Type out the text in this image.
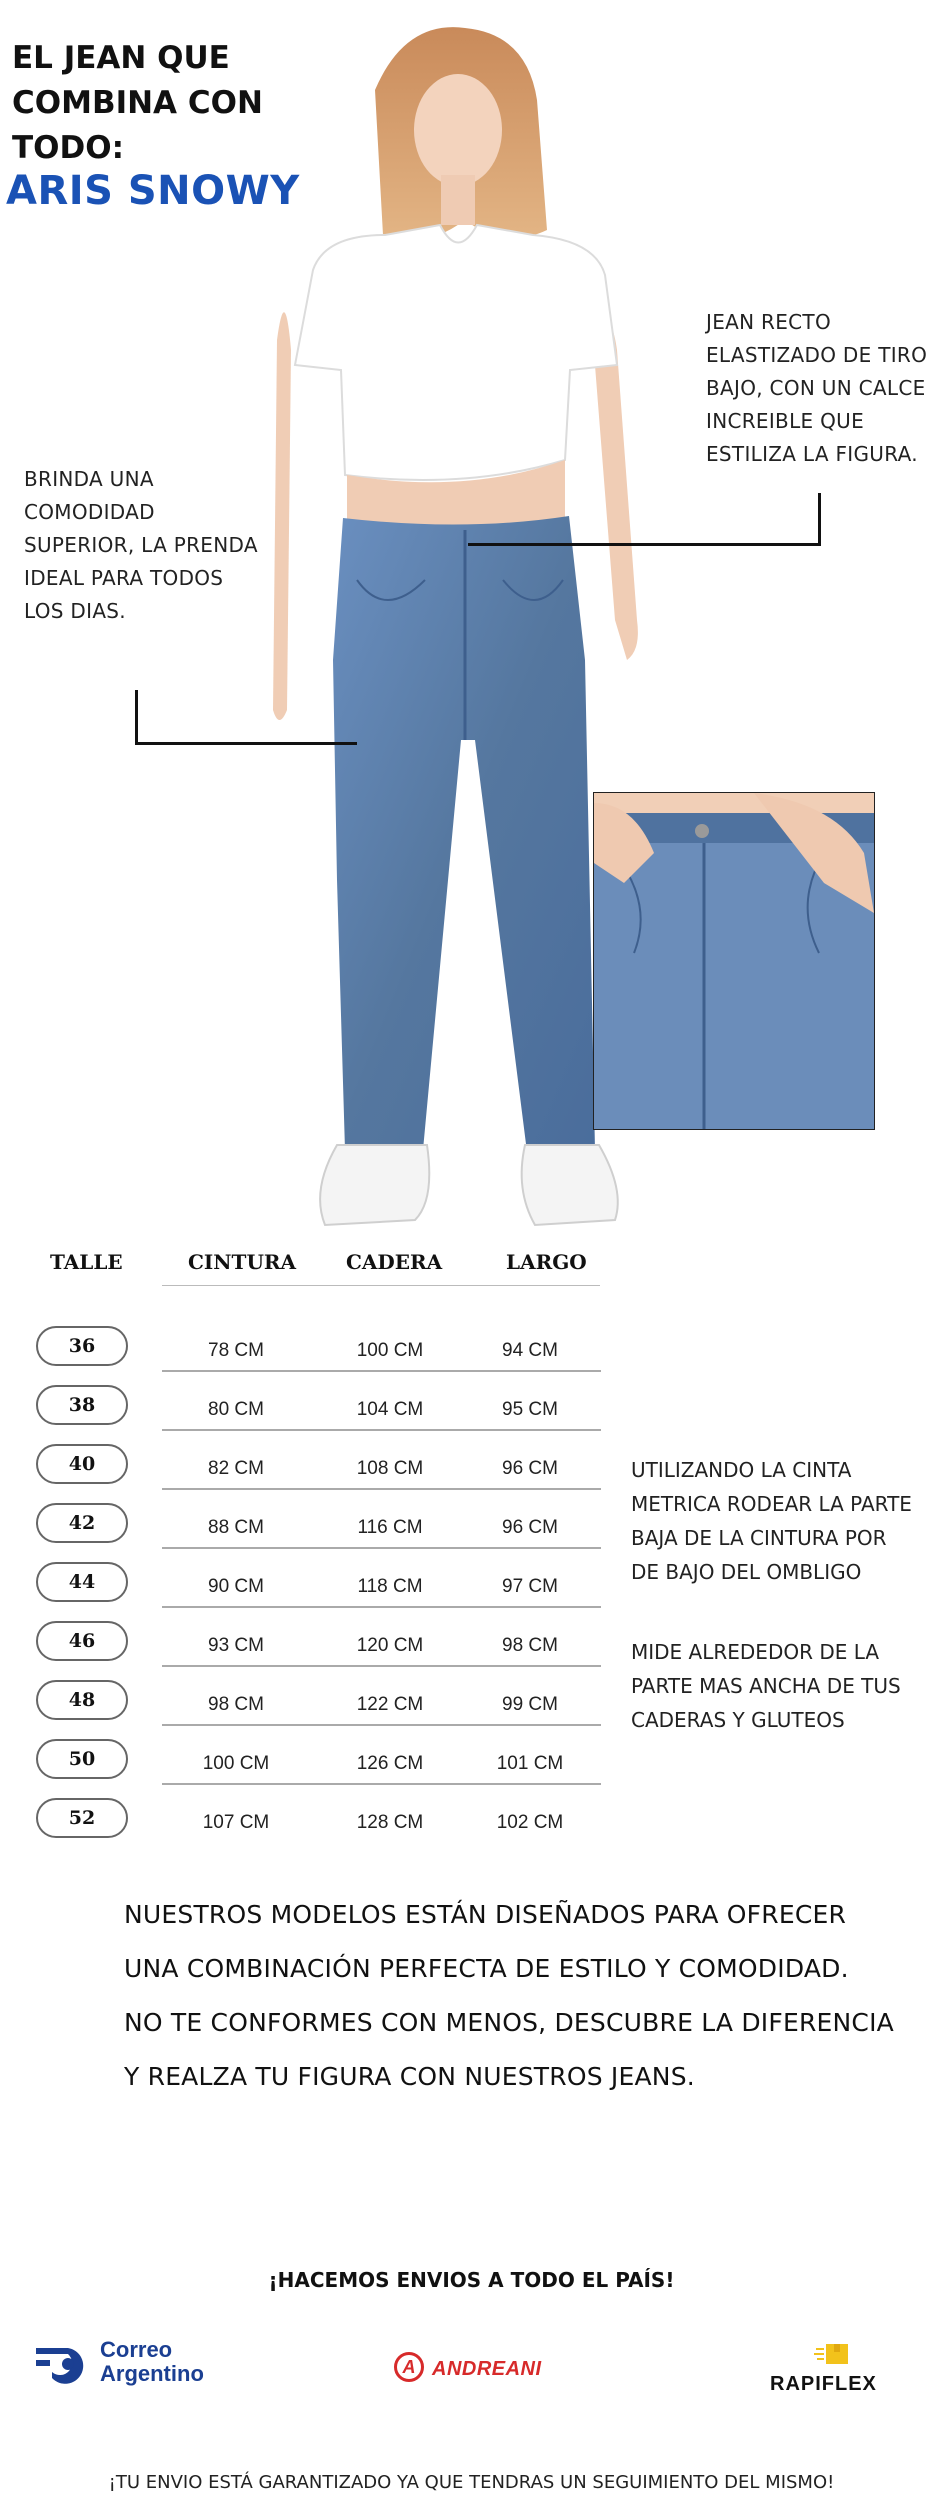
EL JEAN QUE
COMBINA CON
TODO:
ARIS SNOWY
JEAN RECTO
ELASTIZADO DE TIRO
BAJO, CON UN CALCE
INCREIBLE QUE
ESTILIZA LA FIGURA.
BRINDA UNA
COMODIDAD
SUPERIOR, LA PRENDA
IDEAL PARA TODOS
LOS DIAS.
TALLE	CINTURA CADERA	LARGO
36	78 CM	100 CM	94 CM
38	80 CM	104 CM	95 CM
40	82 CM	108 CM	96 CM
42	88 CM	116 CM	96 CM
44	90 CM	118 CM	97 CM
46	93 CM	120 CM	98 CM
48	98 CM	122 CM	99 CM
50	100 CM	126 CM	101 CM
52	107 CM	128 CM	102 CM
UTILIZANDO LA CINTA
METRICA RODEAR LA PARTE
BAJA DE LA CINTURA POR
DE BAJO DEL OMBLIGO
MIDE ALREDEDOR DE LA
PARTE MAS ANCHA DE TUS
CADERAS Y GLUTEOS
NUESTROS MODELOS ESTÁN DISEÑADOS PARA OFRECER
UNA COMBINACIÓN PERFECTA DE ESTILO Y COMODIDAD.
NO TE CONFORMES CON MENOS, DESCUBRE LA DIFERENCIA
Y REALZA TU FIGURA CON NUESTROS JEANS.
¡HACEMOS ENVIOS A TODO EL PAÍS!
Correo
Argentino	A ANDREANI
RAPIFLEX
¡TU ENVIO ESTÁ GARANTIZADO YA QUE TENDRAS UN SEGUIMIENTO DEL MISMO!
